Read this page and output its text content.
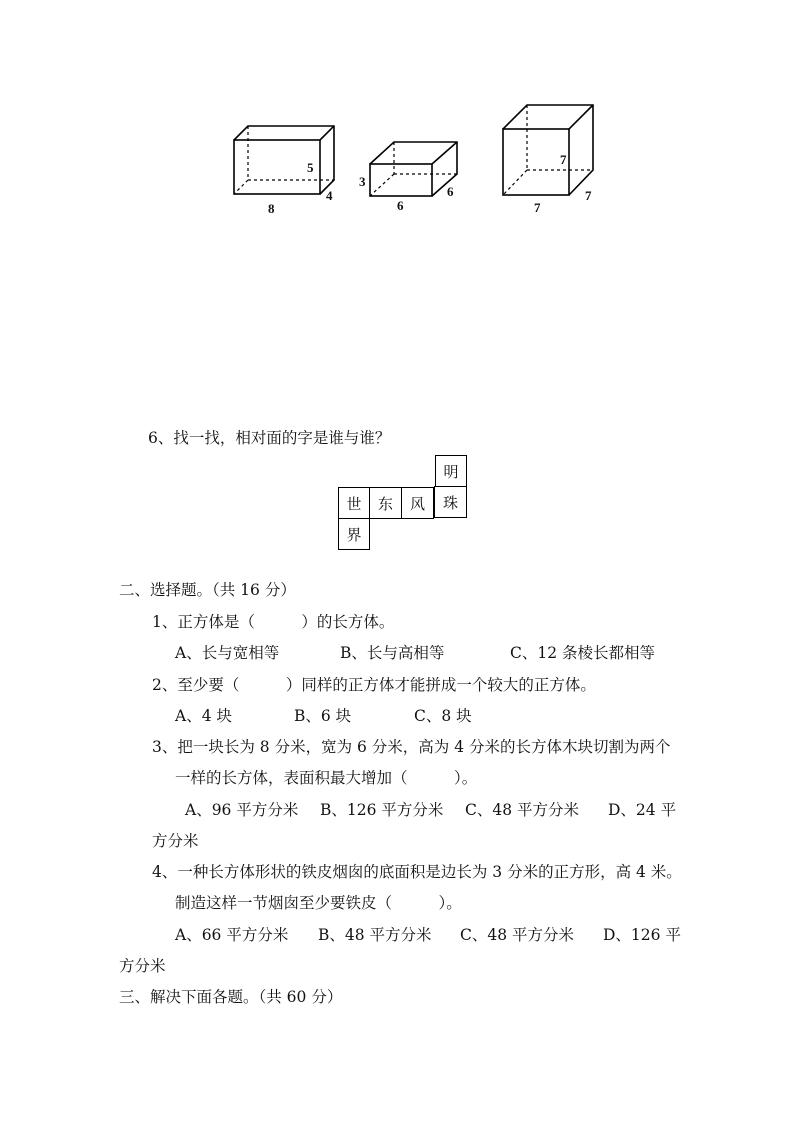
5
4
8
3
6
6
7
7
7
6、找一找，相对面的字是谁与谁？
明
世	东	风	珠
界
二、选择题。（共 16 分）
1、正方体是（　　　）的长方体。
A、长与宽相等	B、长与高相等	C、12 条棱长都相等
2、至少要（　　　）同样的正方体才能拼成一个较大的正方体。
A、4 块	B、6 块	C、8 块
3、把一块长为 8 分米，宽为 6 分米，高为 4 分米的长方体木块切割为两个
一样的长方体，表面积最大增加（　　　）。
A、96 平方分米 B、126 平方分米 C、48 平方分米 D、24 平
方分米
4、一种长方体形状的铁皮烟囱的底面积是边长为 3 分米的正方形，高 4 米。
制造这样一节烟囱至少要铁皮（　　　）。
A、66 平方分米 B、48 平方分米 C、48 平方分米 D、126 平
方分米
三、解决下面各题。（共 60 分）
